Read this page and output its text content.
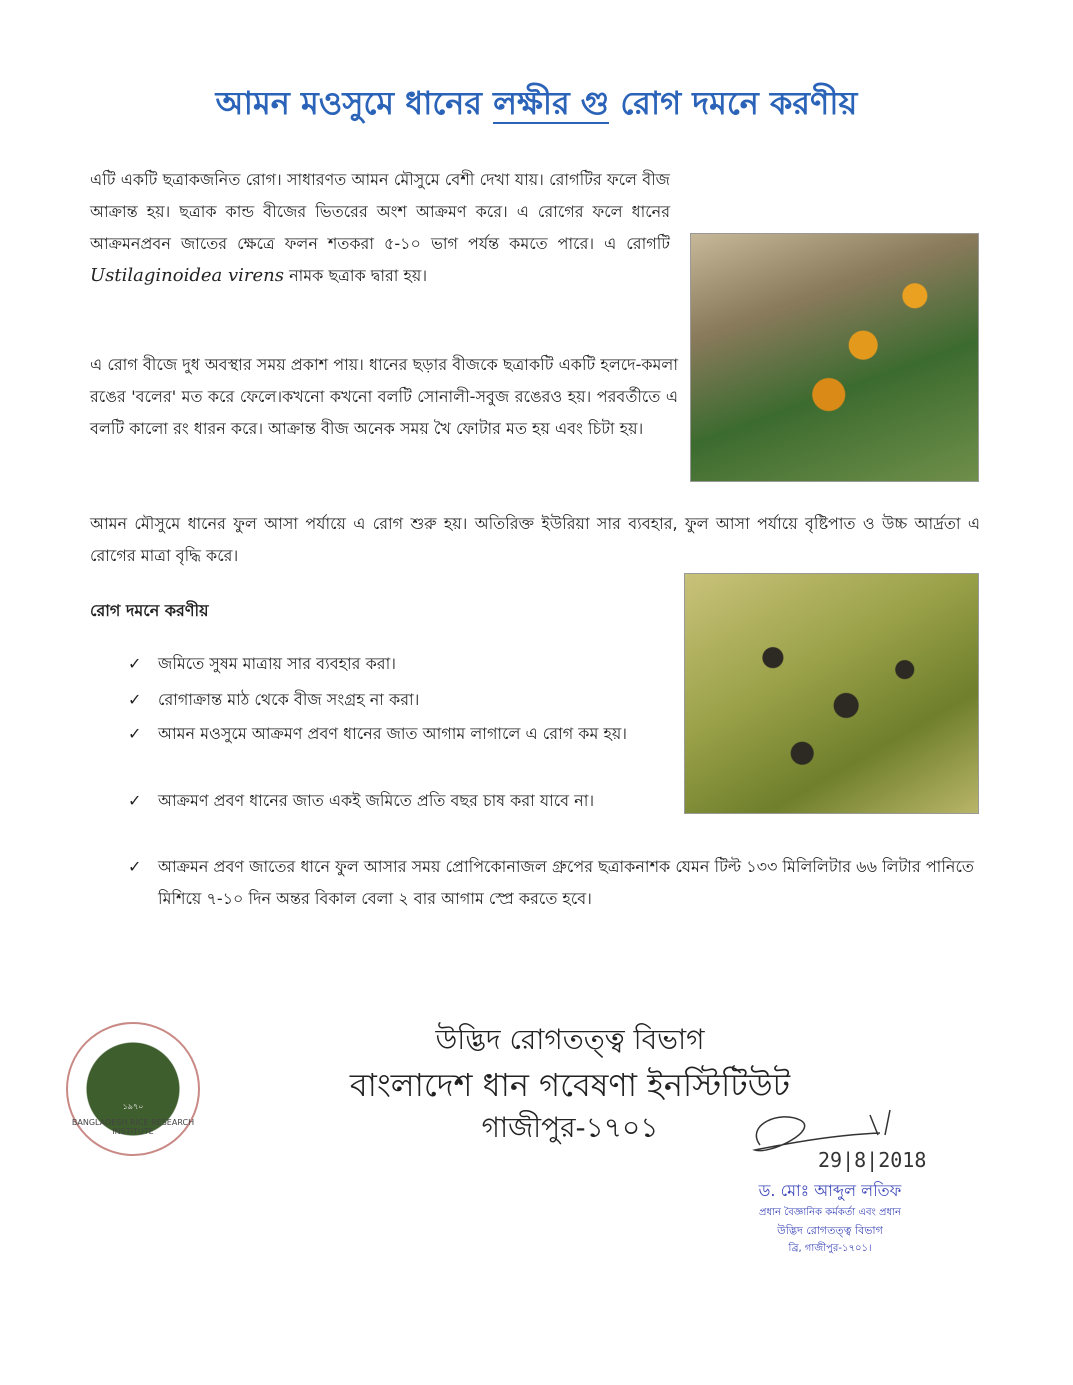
আমন মওসুমে ধানের লক্ষীর গু রোগ দমনে করণীয়
এটি একটি ছত্রাকজনিত রোগ। সাধারণত আমন মৌসুমে বেশী দেখা যায়। রোগটির ফলে বীজ আক্রান্ত হয়। ছত্রাক কান্ড বীজের ভিতরের অংশ আক্রমণ করে। এ রোগের ফলে ধানের আক্রমনপ্রবন জাতের ক্ষেত্রে ফলন শতকরা ৫-১০ ভাগ পর্যন্ত কমতে পারে। এ রোগটি Ustilaginoidea virens নামক ছত্রাক দ্বারা হয়।
এ রোগ বীজে দুধ অবস্থার সময় প্রকাশ পায়। ধানের ছড়ার বীজকে ছত্রাকটি একটি হলদে-কমলা রঙের 'বলের' মত করে ফেলে।কখনো কখনো বলটি সোনালী-সবুজ রঙেরও হয়। পরবর্তীতে এ বলটি কালো রং ধারন করে। আক্রান্ত বীজ অনেক সময় খৈ ফোটার মত হয় এবং চিটা হয়।
আমন মৌসুমে ধানের ফুল আসা পর্যায়ে এ রোগ শুরু হয়। অতিরিক্ত ইউরিয়া সার ব্যবহার, ফুল আসা পর্যায়ে বৃষ্টিপাত ও উচ্চ আর্দ্রতা এ রোগের মাত্রা বৃদ্ধি করে।
রোগ দমনে করণীয়
✓	জমিতে সুষম মাত্রায় সার ব্যবহার করা।
✓	রোগাক্রান্ত মাঠ থেকে বীজ সংগ্রহ না করা।
✓	আমন মওসুমে আক্রমণ প্রবণ ধানের জাত আগাম লাগালে এ রোগ কম হয়।
✓	আক্রমণ প্রবণ ধানের জাত একই জমিতে প্রতি বছর চাষ করা যাবে না।
✓	আক্রমন প্রবণ জাতের ধানে ফুল আসার সময় প্রোপিকোনাজল গ্রুপের ছত্রাকনাশক যেমন টিল্ট ১৩৩ মিলিলিটার ৬৬ লিটার পানিতে মিশিয়ে ৭-১০ দিন অন্তর বিকাল বেলা ২ বার আগাম স্প্রে করতে হবে।
১৯৭০
BANGLADESH RICE RESEARCH INSTITUTE
উদ্ভিদ রোগতত্ত্ব বিভাগ
বাংলাদেশ ধান গবেষণা ইনস্টিটিউট
গাজীপুর-১৭০১
29|8|2018
ড. মোঃ আব্দুল লতিফ
প্রধান বৈজ্ঞানিক কর্মকর্তা এবং প্রধান
উদ্ভিদ রোগতত্ত্ব বিভাগ
ব্রি, গাজীপুর-১৭০১।
